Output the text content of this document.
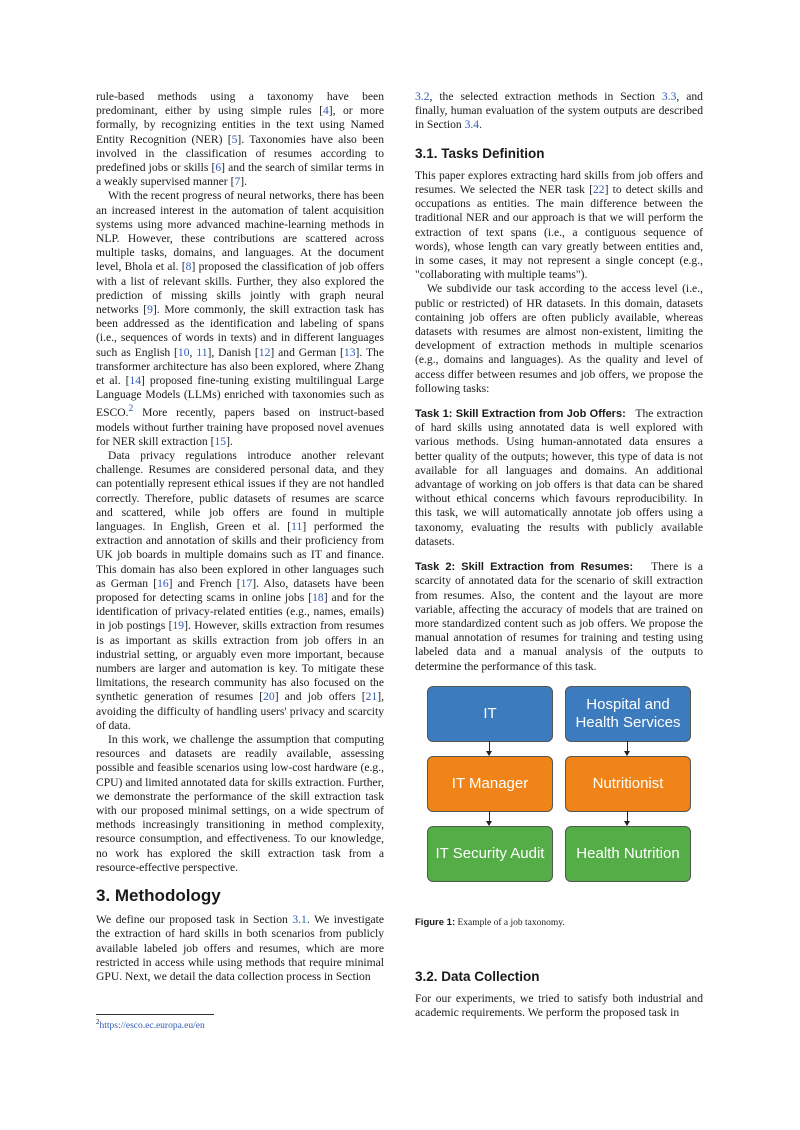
rule-based methods using a taxonomy have been predominant, either by using simple rules [4], or more formally, by recognizing entities in the text using Named Entity Recognition (NER) [5]. Taxonomies have also been involved in the classification of resumes according to predefined jobs or skills [6] and the search of similar terms in a weakly supervised manner [7].

With the recent progress of neural networks, there has been an increased interest in the automation of talent acquisition systems using more advanced machine-learning methods in NLP. However, these contributions are scattered across multiple tasks, domains, and languages. At the document level, Bhola et al. [8] proposed the classification of job offers with a list of relevant skills. Further, they also explored the prediction of missing skills jointly with graph neural networks [9]. More commonly, the skill extraction task has been addressed as the identification and labeling of spans (i.e., sequences of words in texts) and in different languages such as English [10, 11], Danish [12] and German [13]. The transformer architecture has also been explored, where Zhang et al. [14] proposed fine-tuning existing multilingual Large Language Models (LLMs) enriched with taxonomies such as ESCO.$^2$ More recently, papers based on instruct-based models without further training have proposed novel avenues for NER skill extraction [15].

Data privacy regulations introduce another relevant challenge. Resumes are considered personal data, and they can potentially represent ethical issues if they are not handled correctly. Therefore, public datasets of resumes are scarce and scattered, while job offers are found in multiple languages. In English, Green et al. [11] performed the extraction and annotation of skills and their proficiency from UK job boards in multiple domains such as IT and finance. This domain has also been explored in other languages such as German [16] and French [17]. Also, datasets have been proposed for detecting scams in online jobs [18] and for the identification of privacy-related entities (e.g., names, emails) in job postings [19]. However, skills extraction from resumes is as important as skills extraction from job offers in an industrial setting, or arguably even more important, because numbers are larger and automation is key. To mitigate these limitations, the research community has also focused on the synthetic generation of resumes [20] and job offers [21], avoiding the difficulty of handling users' privacy and scarcity of data.

In this work, we challenge the assumption that computing resources and datasets are readily available, assessing possible and feasible scenarios using low-cost hardware (e.g., CPU) and limited annotated data for skills extraction. Further, we demonstrate the performance of the skill extraction task with our proposed minimal settings, on a wide spectrum of methods increasingly transitioning in method complexity, resource consumption, and effectiveness. To our knowledge, no work has explored the skill extraction task from a resource-effective perspective.

3. Methodology

We define our proposed task in Section 3.1. We investigate the extraction of hard skills in both scenarios from publicly available labeled job offers and resumes, which are more restricted in access while using methods that require minimal GPU. Next, we detail the data collection process in Section

$^2$https://esco.ec.europa.eu/en

3.2, the selected extraction methods in Section 3.3, and finally, human evaluation of the system outputs are described in Section 3.4.

3.1. Tasks Definition

This paper explores extracting hard skills from job offers and resumes. We selected the NER task [22] to detect skills and occupations as entities. The main difference between the traditional NER and our approach is that we will perform the extraction of text spans (i.e., a contiguous sequence of words), whose length can vary greatly between entities and, in some cases, it may not represent a single concept (e.g., "collaborating with multiple teams").

We subdivide our task according to the access level (i.e., public or restricted) of HR datasets. In this domain, datasets containing job offers are often publicly available, whereas datasets with resumes are almost non-existent, limiting the development of extraction methods in multiple scenarios (e.g., domains and languages). As the quality and level of access differ between resumes and job offers, we propose the following tasks:

Task 1: Skill Extraction from Job Offers: The extraction of hard skills using annotated data is well explored with various methods. Using human-annotated data ensures a better quality of the outputs; however, this type of data is not available for all languages and domains. An additional advantage of working on job offers is that data can be shared without ethical concerns which favours reproducibility. In this task, we will automatically annotate job offers using a taxonomy, evaluating the results with publicly available datasets.

Task 2: Skill Extraction from Resumes: There is a scarcity of annotated data for the scenario of skill extraction from resumes. Also, the content and the layout are more variable, affecting the accuracy of models that are trained on more standardized content such as job offers. We propose the manual annotation of resumes for training and testing using labeled data and a manual analysis of the outputs to determine the performance of this task.

IT
Hospital and Health Services
IT Manager	Nutritionist
IT Security Audit	Health Nutrition

Figure 1: Example of a job taxonomy.

3.2. Data Collection

For our experiments, we tried to satisfy both industrial and academic requirements. We perform the proposed task in
